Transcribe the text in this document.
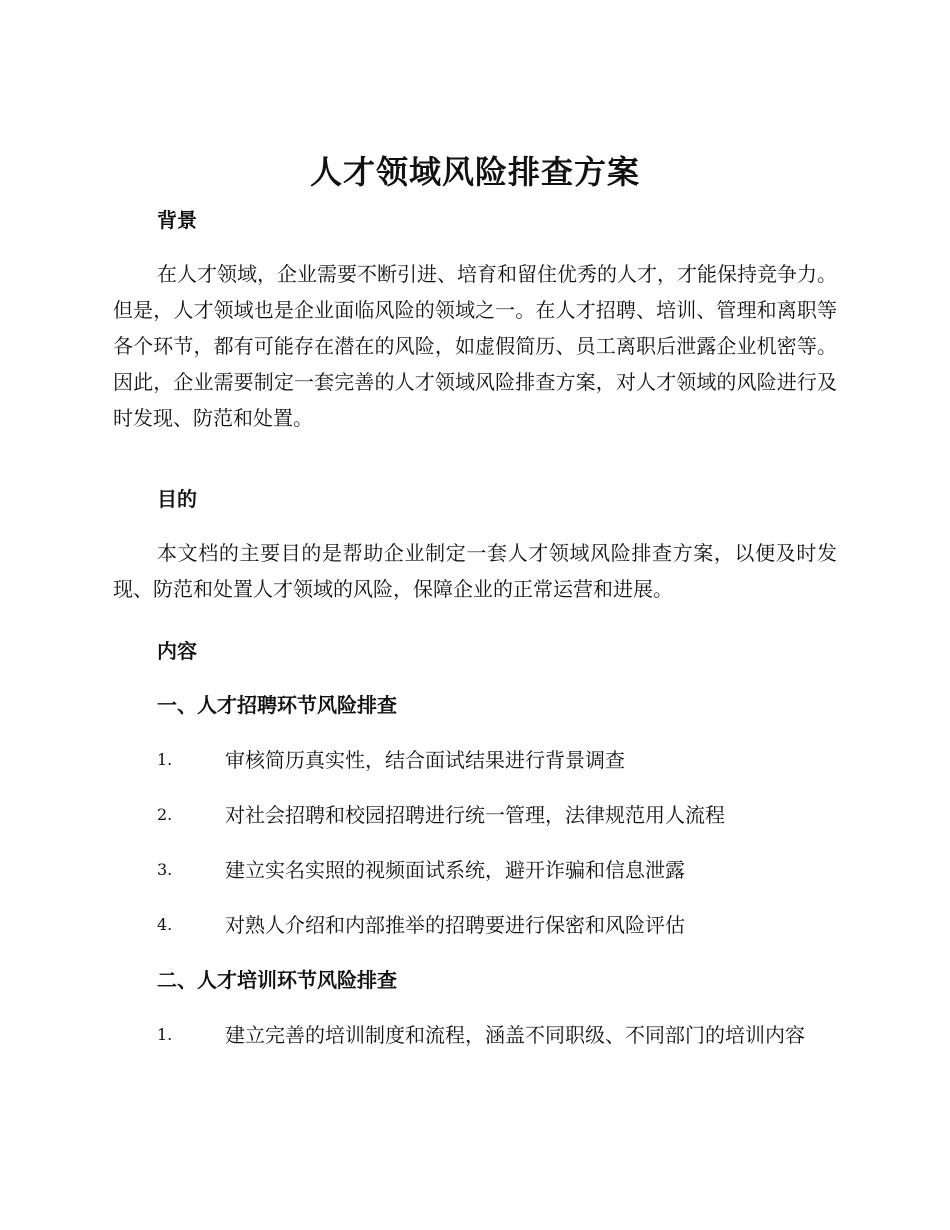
人才领域风险排查方案
背景
在人才领域，企业需要不断引进、培育和留住优秀的人才，才能保持竞争力。但是，人才领域也是企业面临风险的领域之一。在人才招聘、培训、管理和离职等各个环节，都有可能存在潜在的风险，如虚假简历、员工离职后泄露企业机密等。因此，企业需要制定一套完善的人才领域风险排查方案，对人才领域的风险进行及时发现、防范和处置。
目的
本文档的主要目的是帮助企业制定一套人才领域风险排查方案，以便及时发现、防范和处置人才领域的风险，保障企业的正常运营和进展。
内容
一、人才招聘环节风险排查
1.	审核简历真实性，结合面试结果进行背景调查
2.	对社会招聘和校园招聘进行统一管理，法律规范用人流程
3.	建立实名实照的视频面试系统，避开诈骗和信息泄露
4.	对熟人介绍和内部推举的招聘要进行保密和风险评估
二、人才培训环节风险排查
1.	建立完善的培训制度和流程，涵盖不同职级、不同部门的培训内容
